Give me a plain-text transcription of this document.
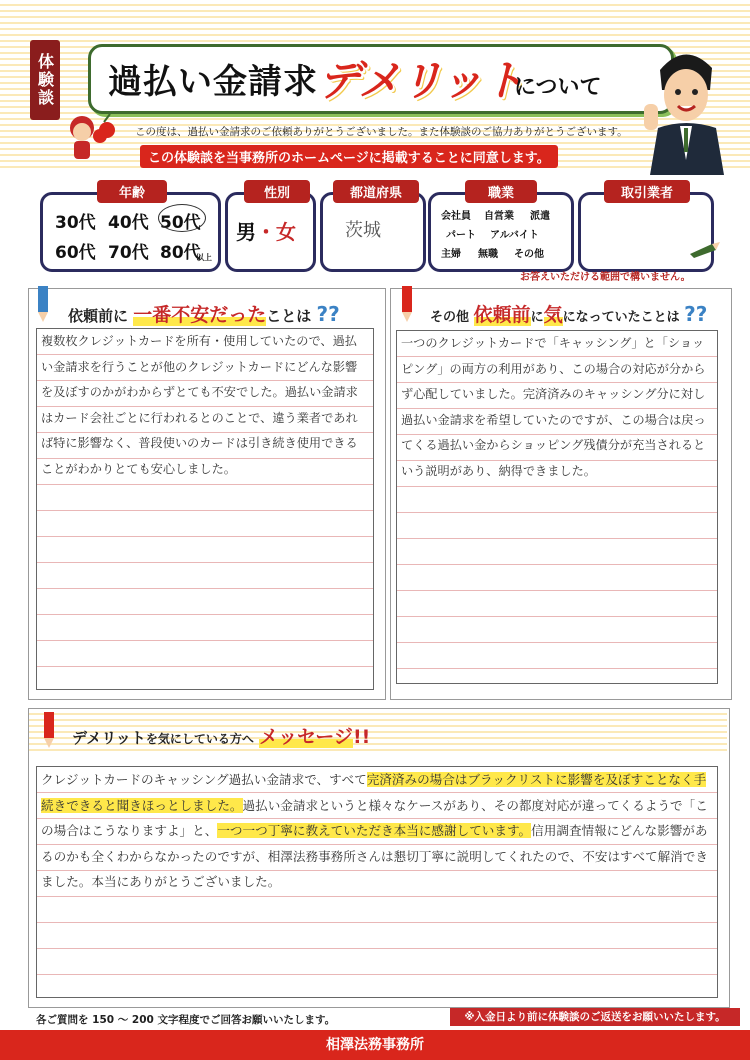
体験談 過払い金請求 デメリット
について
この度は、過払い金請求のご依頼ありがとうございました。また体験談のご協力ありがとうございます。
この体験談を当事務所のホームページに掲載することに同意します。
年齢
30代 40代 50代
60代 70代 80代
以上
性別
男・女
都道府県
茨城
職業
会社員 自営業 派遣
パート アルバイト
主婦 無職 その他
取引業者
お答えいただける範囲で構いません。
依頼前に 一番不安だったことは ??
複数枚クレジットカードを所有・使用していたので、過払い金請求を行うことが他のクレジットカードにどんな影響を及ぼすのかがわからずとても不安でした。過払い金請求はカード会社ごとに行われるとのことで、違う業者であれば特に影響なく、普段使いのカードは引き続き使用できることがわかりとても安心しました。
その他 依頼前に気になっていたことは ??
一つのクレジットカードで「キャッシング」と「ショッピング」の両方の利用があり、この場合の対応が分からず心配していました。完済済みのキャッシング分に対し過払い金請求を希望していたのですが、この場合は戻ってくる過払い金からショッピング残債分が充当されるという説明があり、納得できました。
デメリットを気にしている方へ メッセージ!!
クレジットカードのキャッシング過払い金請求で、すべて完済済みの場合はブラックリストに影響を及ぼすことなく手続きできると聞きほっとしました。過払い金請求というと様々なケースがあり、その都度対応が違ってくるようで「この場合はこうなりますよ」と、一つ一つ丁寧に教えていただき本当に感謝しています。信用調査情報にどんな影響があるのかも全くわからなかったのですが、相澤法務事務所さんは懇切丁寧に説明してくれたので、不安はすべて解消できました。本当にありがとうございました。
各ご質問を 150 ～ 200 文字程度でご回答お願いいたします。	※入金日より前に体験談のご返送をお願いいたします。
相澤法務事務所
